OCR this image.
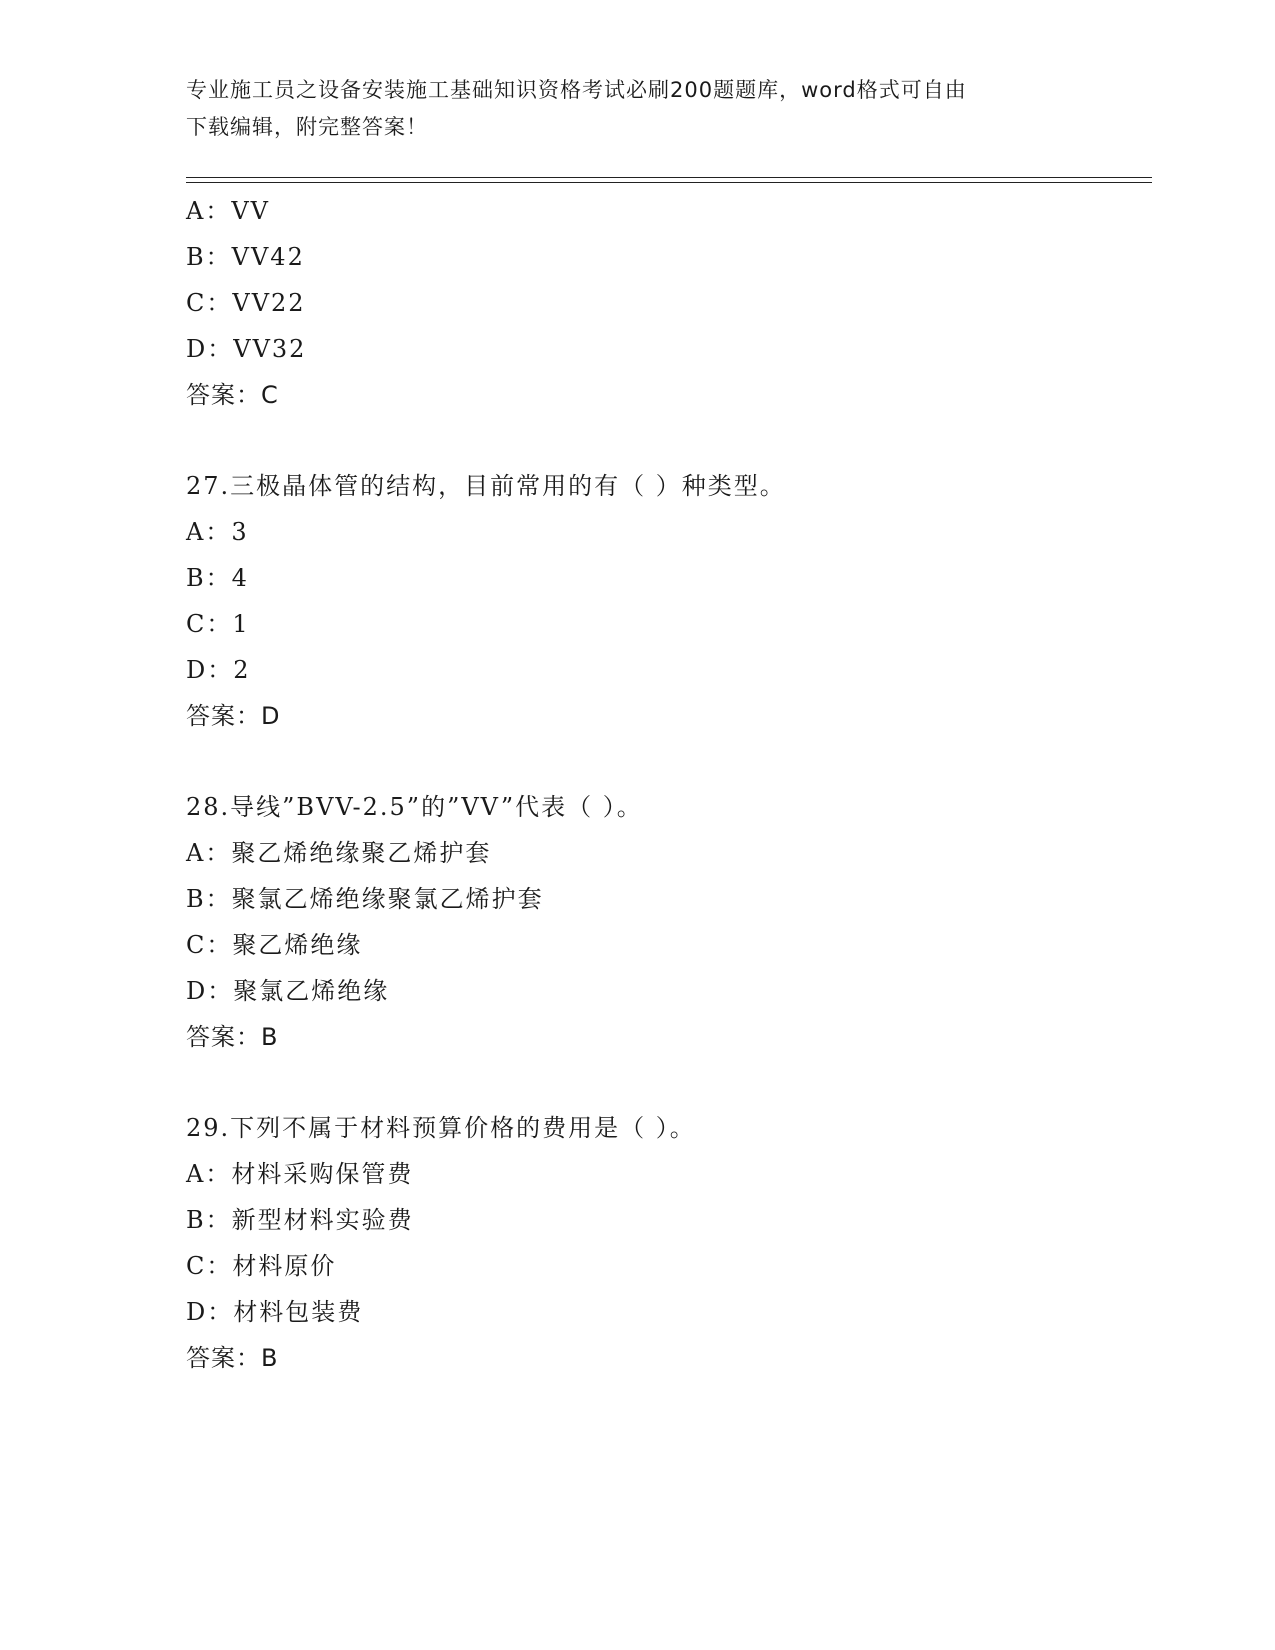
专业施工员之设备安装施工基础知识资格考试必刷200题题库，word格式可自由
下载编辑，附完整答案！
A：VV
B：VV42
C：VV22
D：VV32
答案：C
27.三极晶体管的结构，目前常用的有（ ）种类型。
A：3
B：4
C：1
D：2
答案：D
28.导线”BVV-2.5”的”VV”代表（ ）。
A：聚乙烯绝缘聚乙烯护套
B：聚氯乙烯绝缘聚氯乙烯护套
C：聚乙烯绝缘
D：聚氯乙烯绝缘
答案：B
29.下列不属于材料预算价格的费用是（ ）。
A：材料采购保管费
B：新型材料实验费
C：材料原价
D：材料包装费
答案：B
